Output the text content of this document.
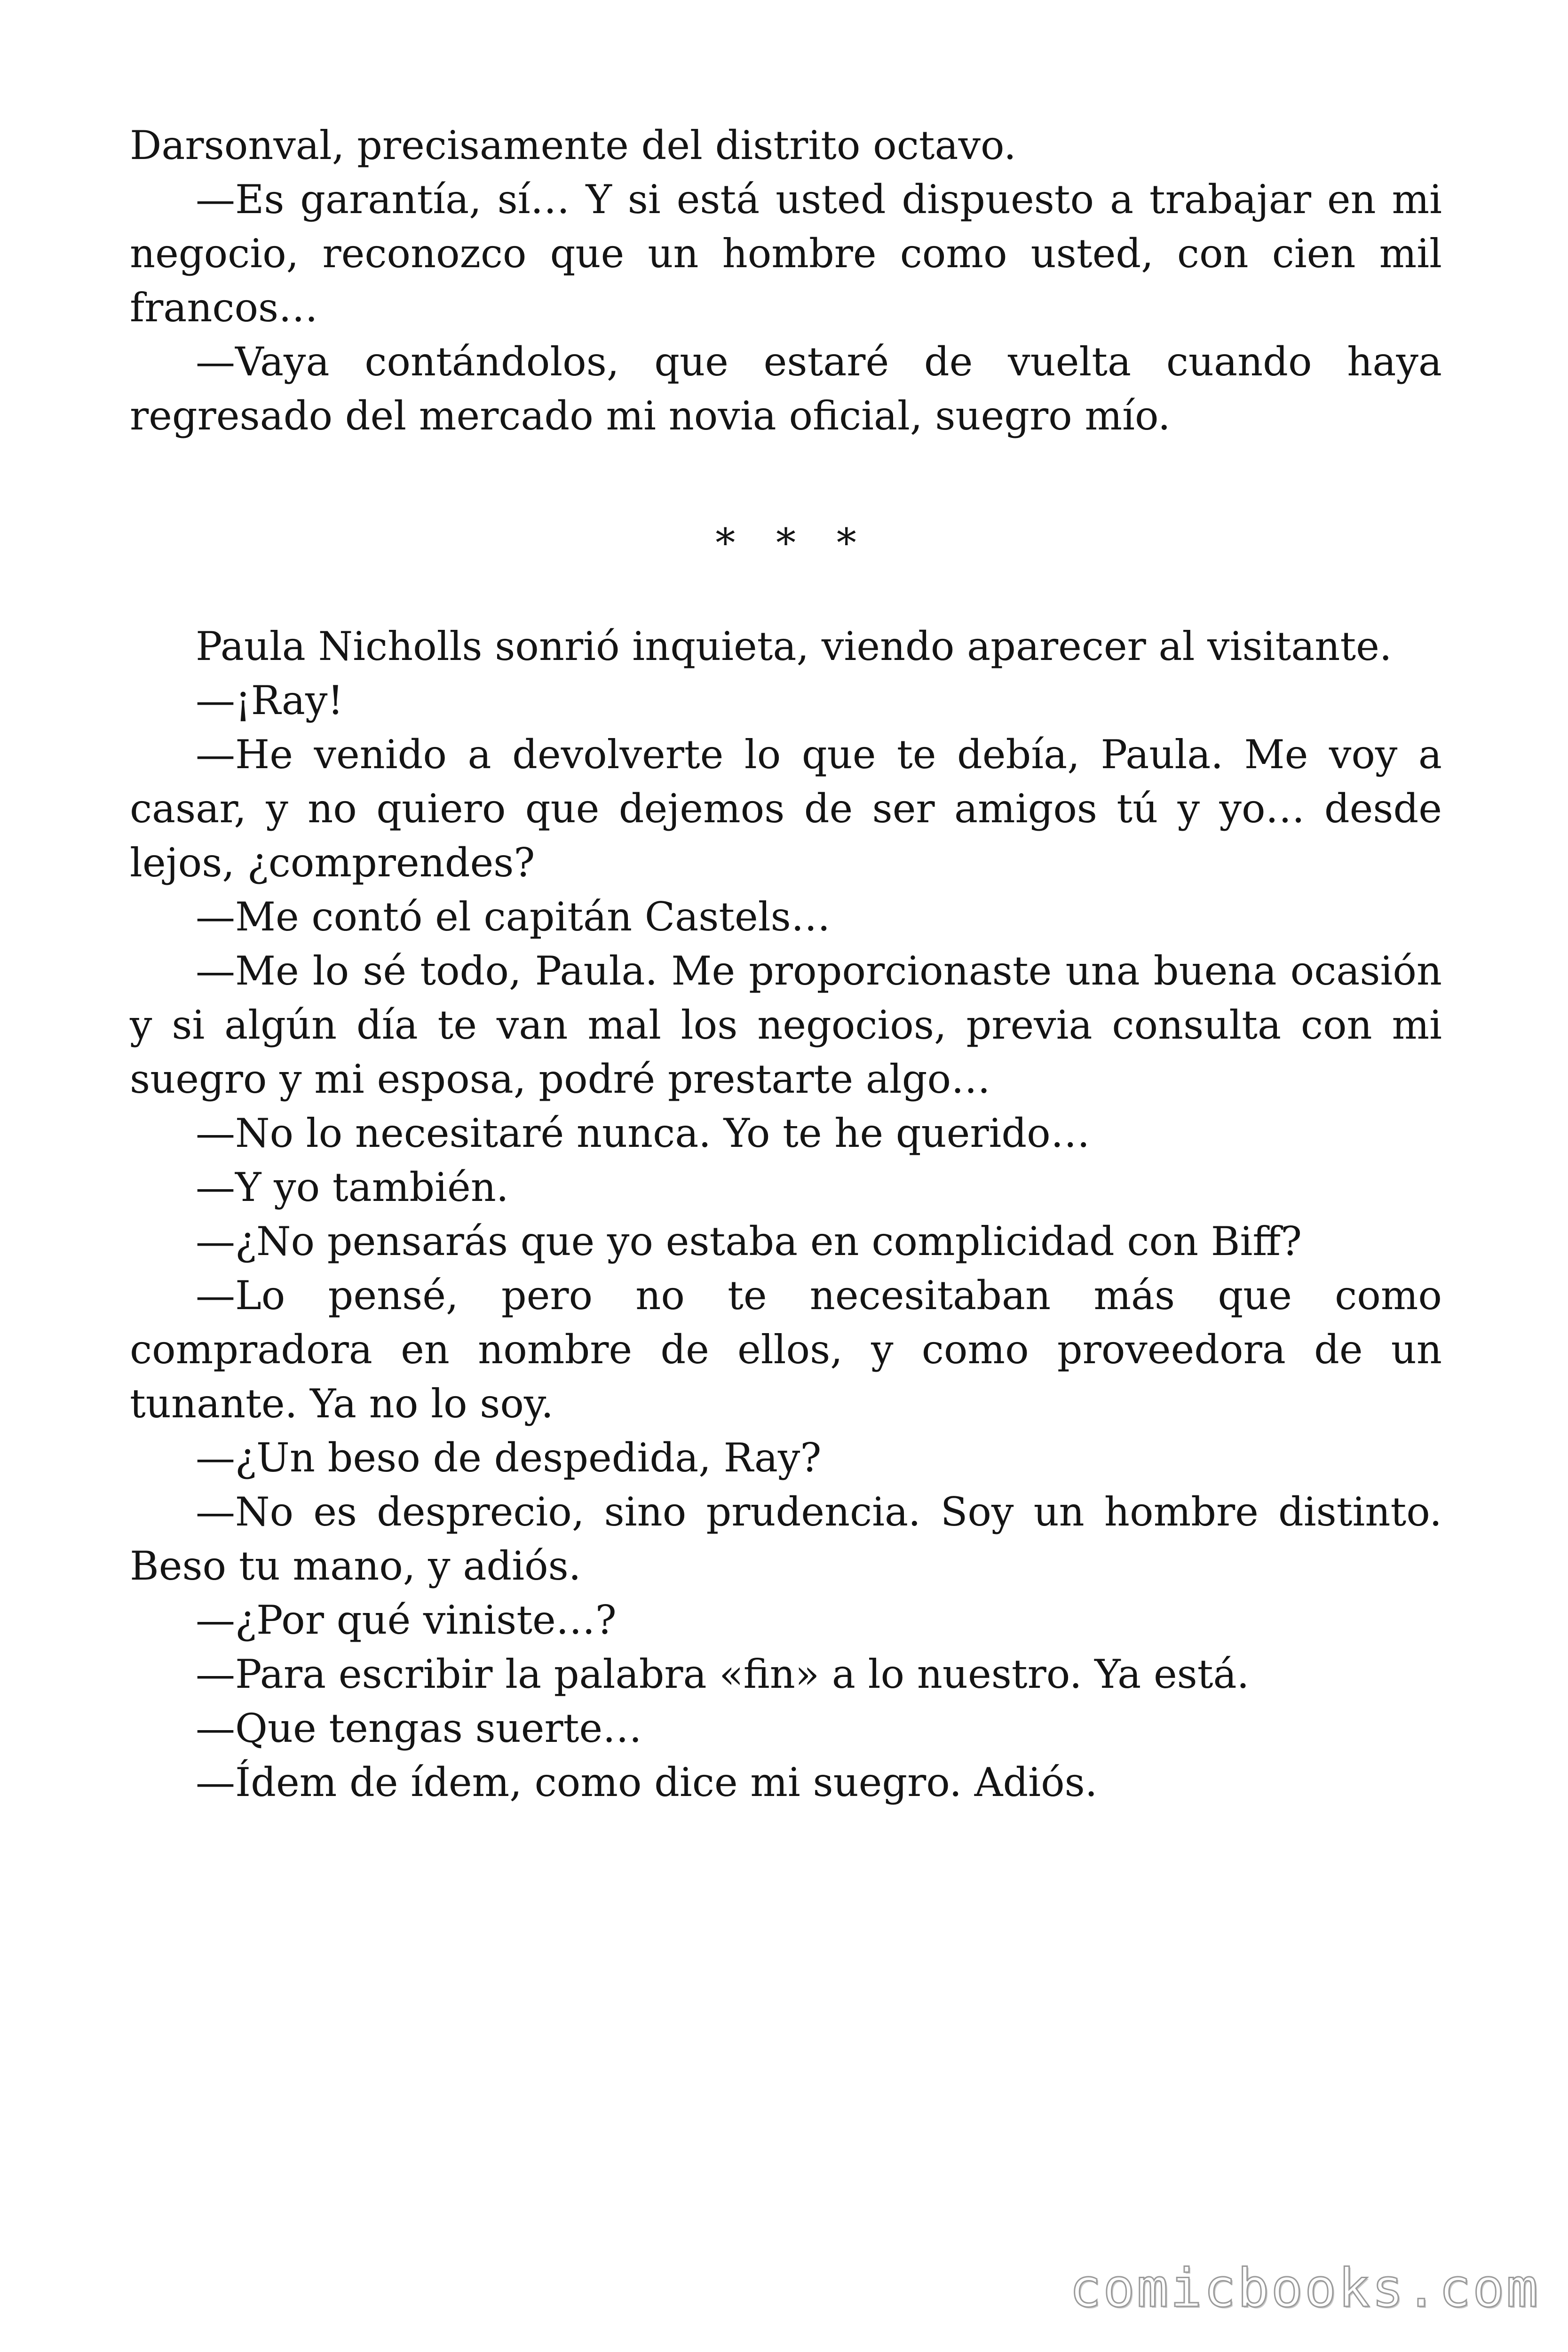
Darsonval, precisamente del distrito octavo.

—Es garantía, sí… Y si está usted dispuesto a trabajar en mi negocio, reconozco que un hombre como usted, con cien mil francos…

—Vaya contándolos, que estaré de vuelta cuando haya regresado del mercado mi novia oficial, suegro mío.

* * *

Paula Nicholls sonrió inquieta, viendo aparecer al visitante.

—¡Ray!

—He venido a devolverte lo que te debía, Paula. Me voy a casar, y no quiero que dejemos de ser amigos tú y yo… desde lejos, ¿comprendes?

—Me contó el capitán Castels…

—Me lo sé todo, Paula. Me proporcionaste una buena ocasión y si algún día te van mal los negocios, previa consulta con mi suegro y mi esposa, podré prestarte algo…

—No lo necesitaré nunca. Yo te he querido…

—Y yo también.

—¿No pensarás que yo estaba en complicidad con Biff?

—Lo pensé, pero no te necesitaban más que como compradora en nombre de ellos, y como proveedora de un tunante. Ya no lo soy.

—¿Un beso de despedida, Ray?

—No es desprecio, sino prudencia. Soy un hombre distinto. Beso tu mano, y adiós.

—¿Por qué viniste…?

—Para escribir la palabra «fin» a lo nuestro. Ya está.

—Que tengas suerte…

—Ídem de ídem, como dice mi suegro. Adiós.

comicbooks.com
